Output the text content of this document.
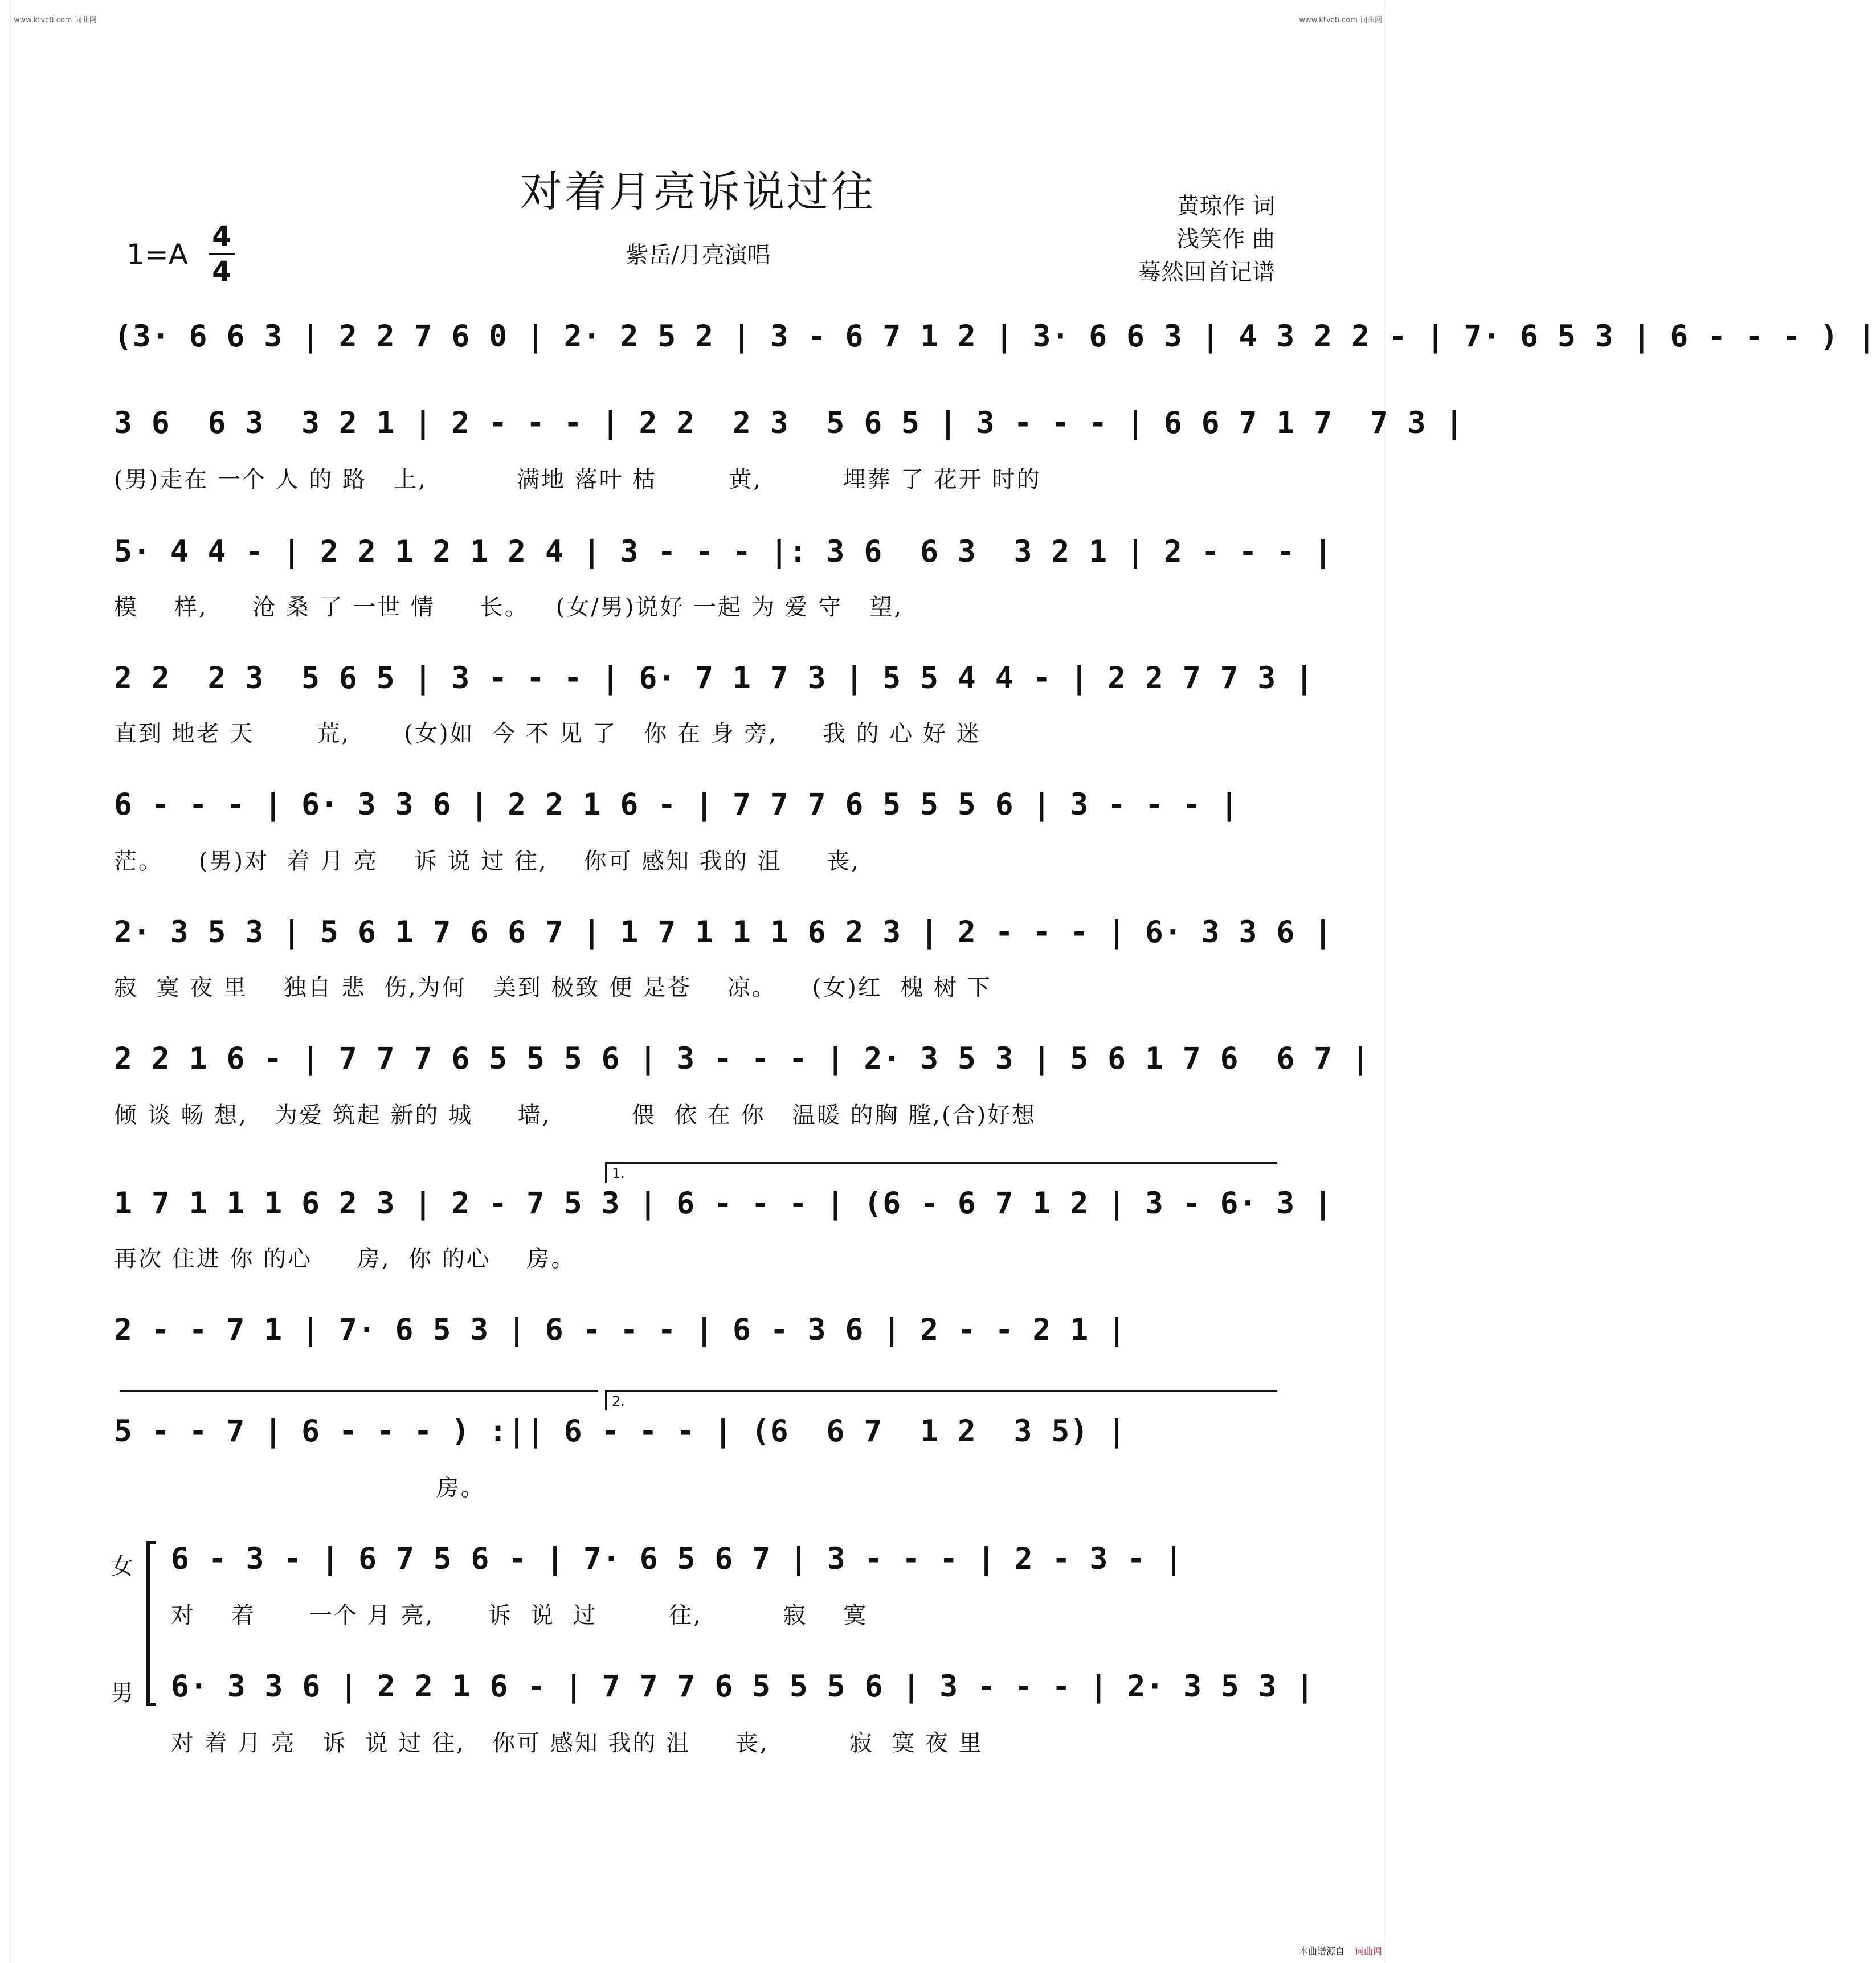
www.ktvc8.com 词曲网	www.ktvc8.com 词曲网
对着月亮诉说过往
紫岳/月亮演唱
黄琼作 词
浅笑作 曲
蓦然回首记谱
1=A
4
4
(3· 6 6 3 | 2 2 7 6 0 | 2· 2 5 2 | 3 - 6 7 1 2 | 3· 6 6 3 | 4 3 2 2 - | 7· 6 5 3 | 6 - - - ) |
3 6  6 3  3 2 1 | 2 - - - | 2 2  2 3  5 6 5 | 3 - - - | 6 6 7 1 7  7 3 |
(男)走在 一个 人 的 路   上,          满地 落叶 枯        黄,         埋葬 了 花开 时的
5· 4 4 - | 2 2 1 2 1 2 4 | 3 - - - |: 3 6  6 3  3 2 1 | 2 - - - |
模    样,     沧 桑 了 一世 情     长。   (女/男)说好 一起 为 爱 守   望,
2 2  2 3  5 6 5 | 3 - - - | 6· 7 1 7 3 | 5 5 4 4 - | 2 2 7 7 3 |
直到 地老 天       荒,      (女)如  今 不 见 了   你 在 身 旁,     我 的 心 好 迷
6 - - - | 6· 3 3 6 | 2 2 1 6 - | 7 7 7 6 5 5 5 6 | 3 - - - |
茫。    (男)对  着 月 亮    诉 说 过 往,    你可 感知 我的 沮     丧,
2· 3 5 3 | 5 6 1 7 6 6 7 | 1 7 1 1 1 6 2 3 | 2 - - - | 6· 3 3 6 |
寂  寞 夜 里    独自 悲  伤,为何   美到 极致 便 是苍    凉。    (女)红  槐 树 下
2 2 1 6 - | 7 7 7 6 5 5 5 6 | 3 - - - | 2· 3 5 3 | 5 6 1 7 6  6 7 |
倾 谈 畅 想,   为爱 筑起 新的 城     墙,         偎  依 在 你   温暖 的胸 膛,(合)好想
1.
1 7 1 1 1 6 2 3 | 2 - 7 5 3 | 6 - - - | (6 - 6 7 1 2 | 3 - 6· 3 |
再次 住进 你 的心     房,  你 的心    房。
2 - - 7 1 | 7· 6 5 3 | 6 - - - | 6 - 3 6 | 2 - - 2 1 |
2.
5 - - 7 | 6 - - - ) :|| 6 - - - | (6  6 7  1 2  3 5) |
房。
女
男
6 - 3 - | 6 7 5 6 - | 7· 6 5 6 7 | 3 - - - | 2 - 3 - |
对    着      一个 月 亮,      诉  说  过        往,         寂    寞
6· 3 3 6 | 2 2 1 6 - | 7 7 7 6 5 5 5 6 | 3 - - - | 2· 3 5 3 |
对 着 月 亮   诉  说 过 往,   你可 感知 我的 沮     丧,         寂  寞 夜 里
本曲谱源自 词曲网
